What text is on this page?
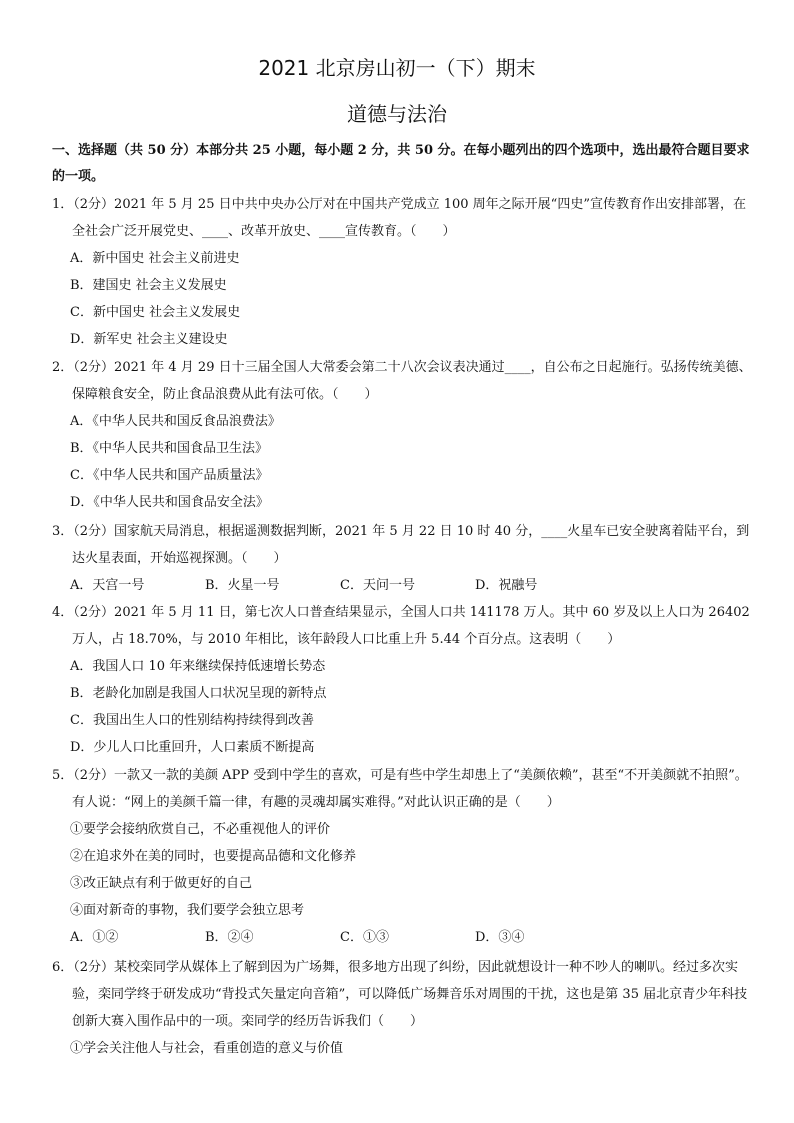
2021 北京房山初一（下）期末
道德与法治
一、选择题（共 50 分）本部分共 25 小题，每小题 2 分，共 50 分。在每小题列出的四个选项中，选出最符合题目要求的一项。
1．（2分）2021 年 5 月 25 日中共中央办公厅对在中国共产党成立 100 周年之际开展“四史”宣传教育作出安排部署，在全社会广泛开展党史、____、改革开放史、____宣传教育。（　　）
A．新中国史 社会主义前进史
B．建国史 社会主义发展史
C．新中国史 社会主义发展史
D．新军史 社会主义建设史
2．（2分）2021 年 4 月 29 日十三届全国人大常委会第二十八次会议表决通过____，自公布之日起施行。弘扬传统美德、保障粮食安全，防止食品浪费从此有法可依。（　　）
A．《中华人民共和国反食品浪费法》
B．《中华人民共和国食品卫生法》
C．《中华人民共和国产品质量法》
D．《中华人民共和国食品安全法》
3．（2分）国家航天局消息，根据遥测数据判断，2021 年 5 月 22 日 10 时 40 分，____火星车已安全驶离着陆平台，到达火星表面，开始巡视探测。（　　）
A．天宫一号	B．火星一号	C．天问一号	D．祝融号
4．（2分）2021 年 5 月 11 日，第七次人口普查结果显示，全国人口共 141178 万人。其中 60 岁及以上人口为 26402 万人，占 18.70%，与 2010 年相比，该年龄段人口比重上升 5.44 个百分点。这表明（　　）
A．我国人口 10 年来继续保持低速增长势态
B．老龄化加剧是我国人口状况呈现的新特点
C．我国出生人口的性别结构持续得到改善
D．少儿人口比重回升，人口素质不断提高
5．（2分）一款又一款的美颜 APP 受到中学生的喜欢，可是有些中学生却患上了“美颜依赖”，甚至“不开美颜就不拍照”。有人说：“网上的美颜千篇一律，有趣的灵魂却属实难得。”对此认识正确的是（　　）
①要学会接纳欣赏自己，不必重视他人的评价
②在追求外在美的同时，也要提高品德和文化修养
③改正缺点有利于做更好的自己
④面对新奇的事物，我们要学会独立思考
A．①②	B．②④	C．①③	D．③④
6．（2分）某校栾同学从媒体上了解到因为广场舞，很多地方出现了纠纷，因此就想设计一种不吵人的喇叭。经过多次实验，栾同学终于研发成功“背投式矢量定向音箱”，可以降低广场舞音乐对周围的干扰，这也是第 35 届北京青少年科技创新大赛入围作品中的一项。栾同学的经历告诉我们（　　）
①学会关注他人与社会，看重创造的意义与价值
